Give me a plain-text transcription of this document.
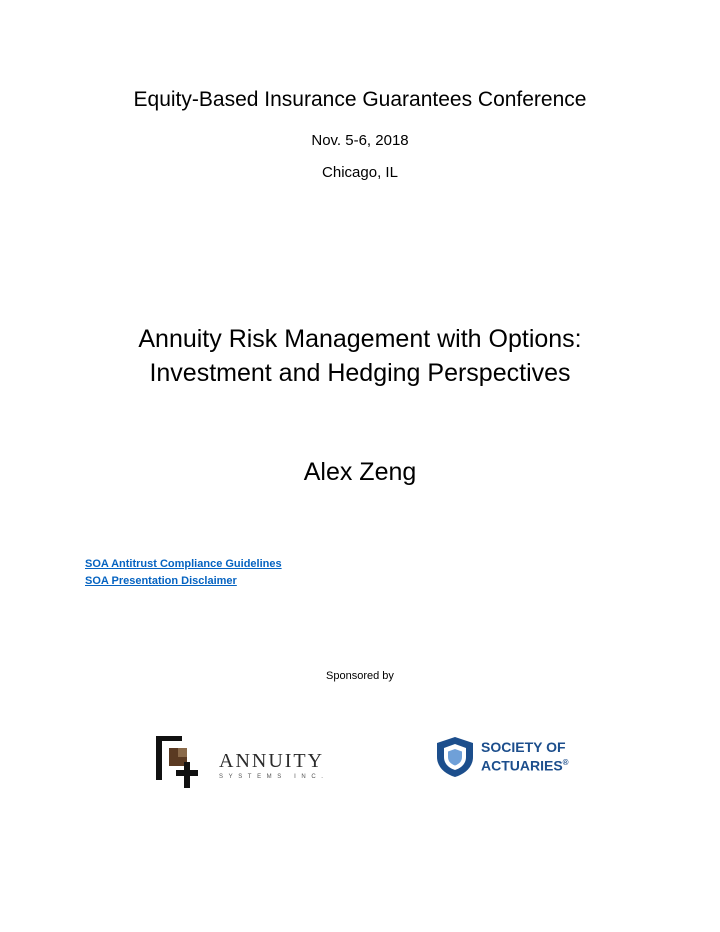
Equity-Based Insurance Guarantees Conference
Nov. 5-6, 2018
Chicago, IL
Annuity Risk Management with Options:
Investment and Hedging Perspectives
Alex Zeng
SOA Antitrust Compliance Guidelines
SOA Presentation Disclaimer
Sponsored by
ANNUITY
SYSTEMS INC.
SOCIETY OF
ACTUARIES®
